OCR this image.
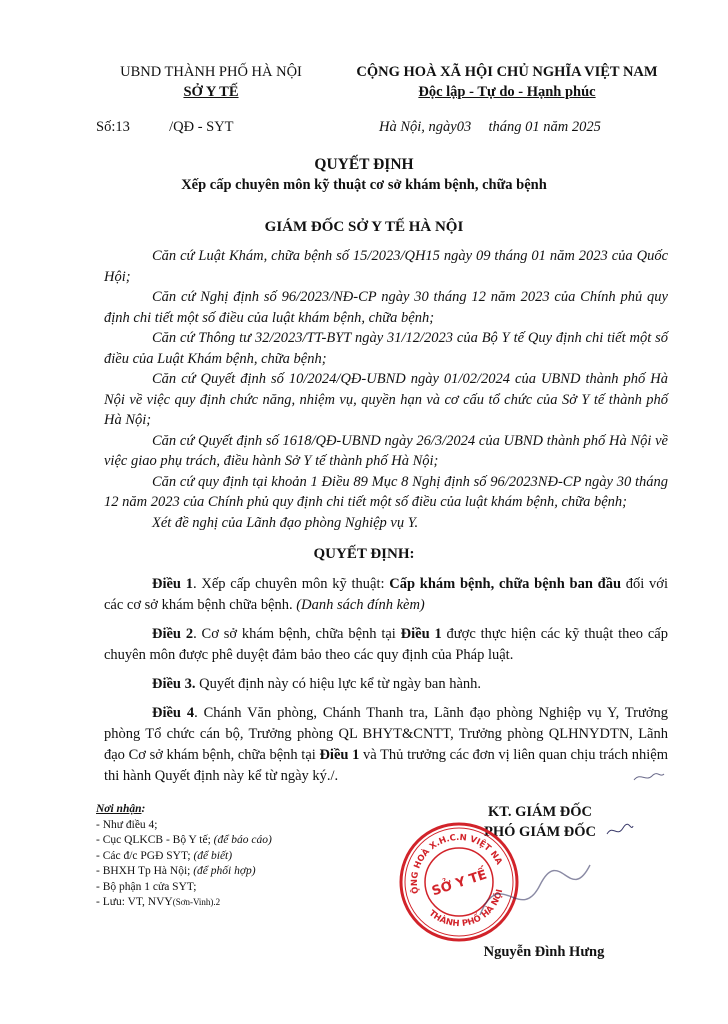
UBND THÀNH PHỐ HÀ NỘI
SỞ Y TẾ
CỘNG HOÀ XÃ HỘI CHỦ NGHĨA VIỆT NAM
Độc lập - Tự do - Hạnh phúc
Số:13	/QĐ - SYT	Hà Nội, ngày03 tháng 01 năm 2025
QUYẾT ĐỊNH
Xếp cấp chuyên môn kỹ thuật cơ sở khám bệnh, chữa bệnh
GIÁM ĐỐC SỞ Y TẾ HÀ NỘI

Căn cứ Luật Khám, chữa bệnh số 15/2023/QH15 ngày 09 tháng 01 năm 2023 của Quốc Hội;

Căn cứ Nghị định số 96/2023/NĐ-CP ngày 30 tháng 12 năm 2023 của Chính phủ quy định chi tiết một số điều của luật khám bệnh, chữa bệnh;

Căn cứ Thông tư 32/2023/TT-BYT ngày 31/12/2023 của Bộ Y tế Quy định chi tiết một số điều của Luật Khám bệnh, chữa bệnh;

Căn cứ Quyết định số 10/2024/QĐ-UBND ngày 01/02/2024 của UBND thành phố Hà Nội về việc quy định chức năng, nhiệm vụ, quyền hạn và cơ cấu tổ chức của Sở Y tế thành phố Hà Nội;

Căn cứ Quyết định số 1618/QĐ-UBND ngày 26/3/2024 của UBND thành phố Hà Nội về việc giao phụ trách, điều hành Sở Y tế thành phố Hà Nội;

Căn cứ quy định tại khoản 1 Điều 89 Mục 8 Nghị định số 96/2023NĐ-CP ngày 30 tháng 12 năm 2023 của Chính phủ quy định chi tiết một số điều của luật khám bệnh, chữa bệnh;

Xét đề nghị của Lãnh đạo phòng Nghiệp vụ Y.

QUYẾT ĐỊNH:

Điều 1. Xếp cấp chuyên môn kỹ thuật: Cấp khám bệnh, chữa bệnh ban đầu đối với các cơ sở khám bệnh chữa bệnh. (Danh sách đính kèm)

Điều 2. Cơ sở khám bệnh, chữa bệnh tại Điều 1 được thực hiện các kỹ thuật theo cấp chuyên môn được phê duyệt đảm bảo theo các quy định của Pháp luật.

Điều 3. Quyết định này có hiệu lực kể từ ngày ban hành.

Điều 4. Chánh Văn phòng, Chánh Thanh tra, Lãnh đạo phòng Nghiệp vụ Y, Trưởng phòng Tổ chức cán bộ, Trưởng phòng QL BHYT&CNTT, Trưởng phòng QLHNYDTN, Lãnh đạo Cơ sở khám bệnh, chữa bệnh tại Điều 1 và Thủ trưởng các đơn vị liên quan chịu trách nhiệm thi hành Quyết định này kể từ ngày ký./.

Nơi nhận:
- Như điều 4;
- Cục QLKCB - Bộ Y tế; (để báo cáo)
- Các đ/c PGĐ SYT; (để biết)
- BHXH Tp Hà Nội; (để phối hợp)
- Bộ phận 1 cửa SYT;
- Lưu: VT, NVY(Sơn-Vinh).2
KT. GIÁM ĐỐC
PHÓ GIÁM ĐỐC
CỘNG HOÀ X.H.C.N VIỆT NAM
THÀNH PHỐ HÀ NỘI
SỞ Y TẾ
Nguyễn Đình Hưng
